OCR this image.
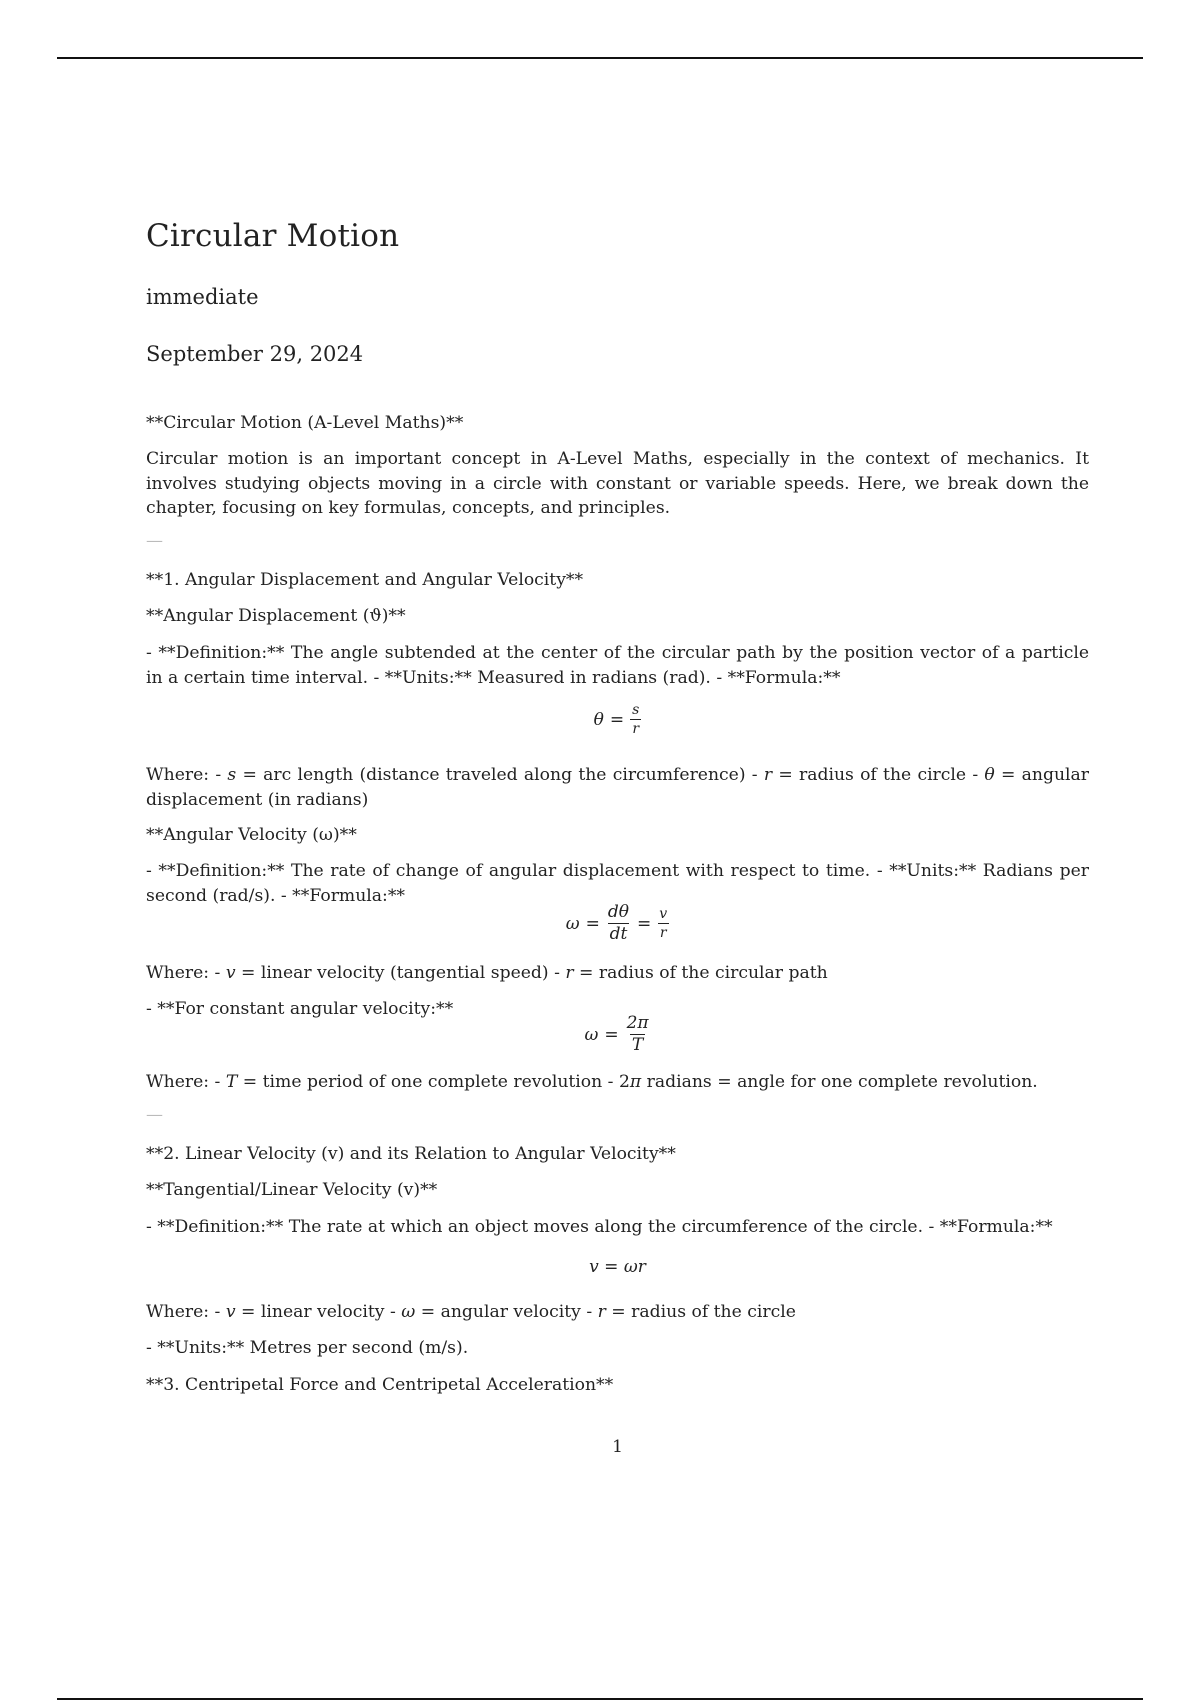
Circular Motion
immediate
September 29, 2024
**Circular Motion (A-Level Maths)**
Circular motion is an important concept in A-Level Maths, especially in the context of mechanics. It involves studying objects moving in a circle with constant or variable speeds. Here, we break down the chapter, focusing on key formulas, concepts, and principles.
—
**1. Angular Displacement and Angular Velocity**
**Angular Displacement (ϑ)**
- **Definition:** The angle subtended at the center of the circular path by the position vector of a particle in a certain time interval. - **Units:** Measured in radians (rad). - **Formula:**
$\theta = \frac{s}{r}$
Where: - s = arc length (distance traveled along the circumference) - r = radius of the circle - θ = angular displacement (in radians)
**Angular Velocity (ω)**
- **Definition:** The rate of change of angular displacement with respect to time. - **Units:** Radians per second (rad/s). - **Formula:**
$\omega = \frac{d\theta}{dt} = \frac{v}{r}$
Where: - v = linear velocity (tangential speed) - r = radius of the circular path
- **For constant angular velocity:**
$\omega = \frac{2\pi}{T}$
Where: - T = time period of one complete revolution - 2π radians = angle for one complete revolution.
—
**2. Linear Velocity (v) and its Relation to Angular Velocity**
**Tangential/Linear Velocity (v)**
- **Definition:** The rate at which an object moves along the circumference of the circle. - **Formula:**
v = ωr
Where: - v = linear velocity - ω = angular velocity - r = radius of the circle
- **Units:** Metres per second (m/s).
**3. Centripetal Force and Centripetal Acceleration**
1
